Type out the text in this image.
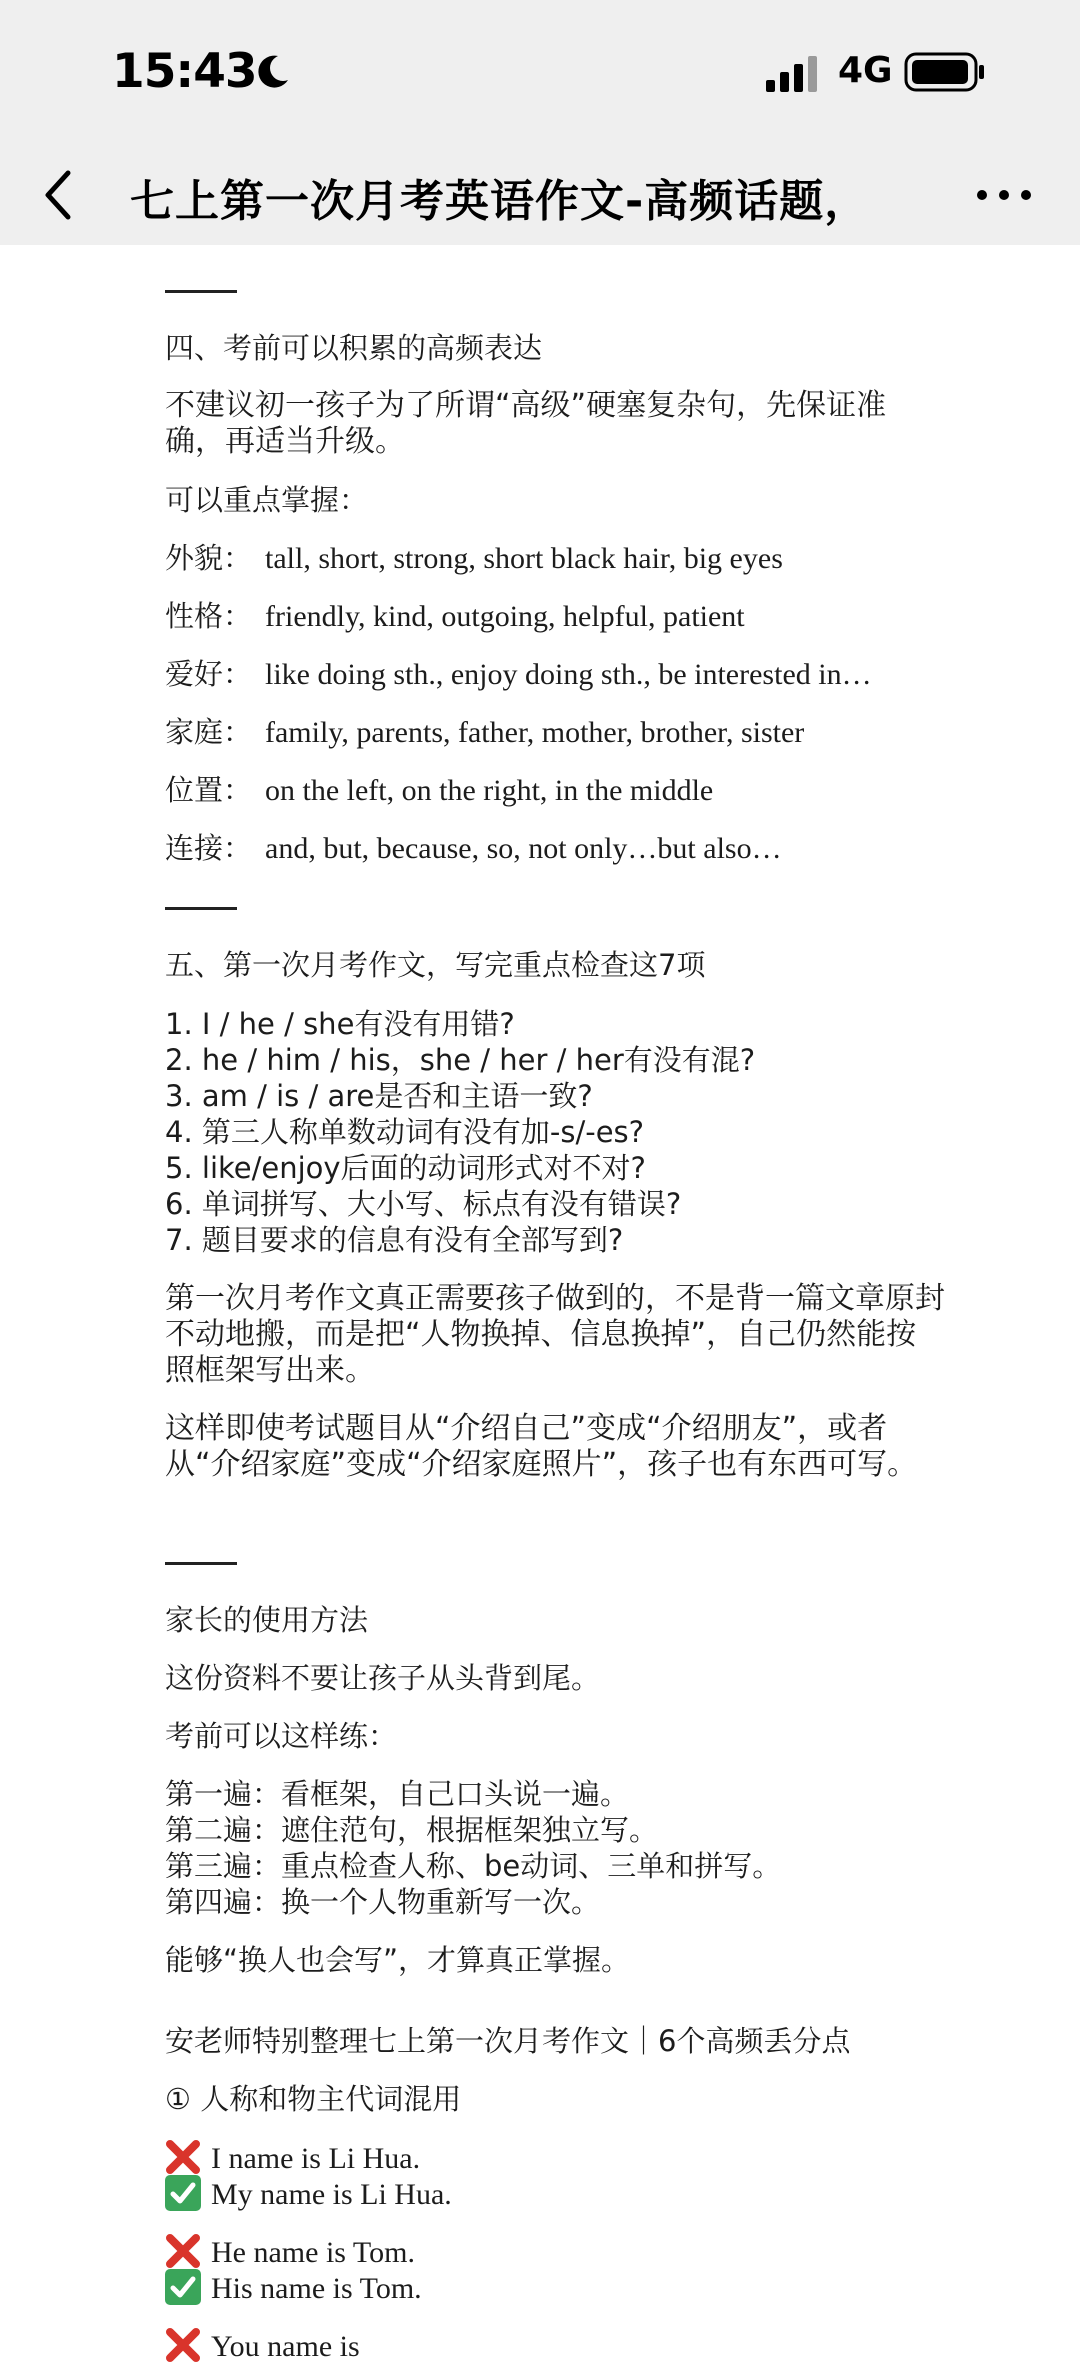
15:43	4G
七上第一次月考英语作文-高频话题，
四、考前可以积累的高频表达
不建议初一孩子为了所谓“高级”硬塞复杂句，先保证准确，再适当升级。
可以重点掌握：
外貌： tall, short, strong, short black hair, big eyes
性格： friendly, kind, outgoing, helpful, patient
爱好： like doing sth., enjoy doing sth., be interested in…
家庭： family, parents, father, mother, brother, sister
位置： on the left, on the right, in the middle
连接： and, but, because, so, not only…but also…
五、第一次月考作文，写完重点检查这7项
1. I / he / she有没有用错?
2. he / him / his，she / her / her有没有混?
3. am / is / are是否和主语一致?
4. 第三人称单数动词有没有加-s/-es?
5. like/enjoy后面的动词形式对不对?
6. 单词拼写、大小写、标点有没有错误?
7. 题目要求的信息有没有全部写到?
第一次月考作文真正需要孩子做到的，不是背一篇文章原封不动地搬，而是把“人物换掉、信息换掉”，自己仍然能按照框架写出来。
这样即使考试题目从“介绍自己”变成“介绍朋友”，或者从“介绍家庭”变成“介绍家庭照片”，孩子也有东西可写。
家长的使用方法
这份资料不要让孩子从头背到尾。
考前可以这样练：
第一遍：看框架，自己口头说一遍。
第二遍：遮住范句，根据框架独立写。
第三遍：重点检查人称、be动词、三单和拼写。
第四遍：换一个人物重新写一次。
能够“换人也会写”，才算真正掌握。
安老师特别整理七上第一次月考作文｜6个高频丢分点
① 人称和物主代词混用
I name is Li Hua.
My name is Li Hua.
He name is Tom.
His name is Tom.
You name is
